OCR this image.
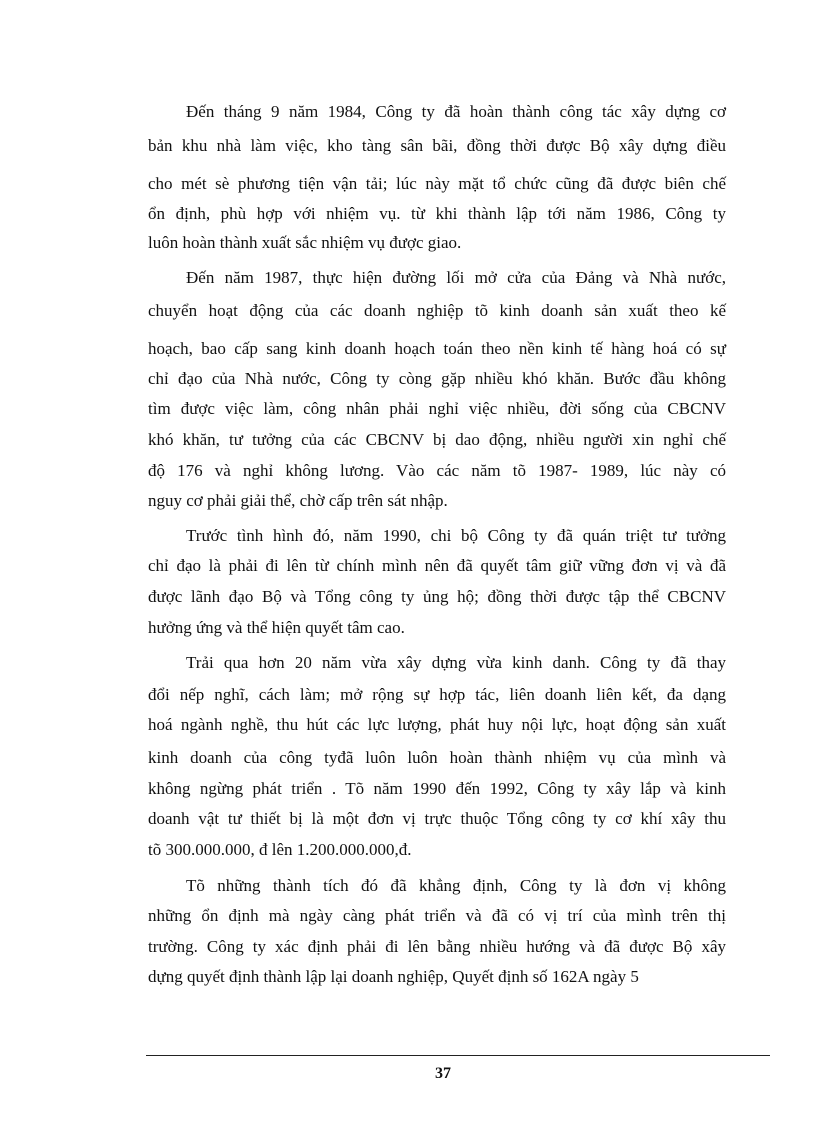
Đến tháng 9 năm 1984, Công ty đã hoàn thành công tác xây dựng cơ
bản khu nhà làm việc, kho tàng sân bãi, đồng thời được Bộ xây dựng điều
cho mét sè phương tiện vận tải; lúc này mặt tổ chức cũng đã được biên chế
ổn định, phù hợp với nhiệm vụ. từ khi thành lập tới năm 1986, Công ty
luôn hoàn thành xuất sắc nhiệm vụ được giao.
Đến năm 1987, thực hiện đường lối mở cửa của Đảng và Nhà nước,
chuyển hoạt động của các doanh nghiệp tõ kinh doanh sản xuất theo kế
hoạch, bao cấp sang kinh doanh hoạch toán theo nền kinh tế hàng hoá có sự
chỉ đạo của Nhà nước, Công ty còng gặp nhiều khó khăn. Bước đầu không
tìm được việc làm, công nhân phải nghỉ việc nhiều, đời sống của CBCNV
khó khăn, tư tưởng của các CBCNV bị dao động, nhiều người xin nghỉ chế
độ 176 và nghỉ không lương. Vào các năm tõ 1987- 1989, lúc này có
nguy cơ phải giải thể, chờ cấp trên sát nhập.
Trước tình hình đó, năm 1990, chi bộ Công ty đã quán triệt tư tưởng
chỉ đạo là phải đi lên từ chính mình nên đã quyết tâm giữ vững đơn vị và đã
được lãnh đạo Bộ và Tổng công ty ủng hộ; đồng thời được tập thể CBCNV
hưởng ứng và thể hiện quyết tâm cao.
Trải qua hơn 20 năm vừa xây dựng vừa kinh danh. Công ty đã thay
đổi nếp nghĩ, cách làm; mở rộng sự hợp tác, liên doanh liên kết, đa dạng
hoá ngành nghề, thu hút các lực lượng, phát huy nội lực, hoạt động sản xuất
kinh doanh của công tyđã luôn luôn hoàn thành nhiệm vụ của mình và
không ngừng phát triển . Tõ năm 1990 đến 1992, Công ty xây lắp và kinh
doanh vật tư thiết bị là một đơn vị trực thuộc Tổng công ty cơ khí xây thu
tõ 300.000.000, đ lên 1.200.000.000,đ.
Tõ những thành tích đó đã khẳng định, Công ty là đơn vị không
những ổn định mà ngày càng phát triển và đã có vị trí của mình trên thị
trường. Công ty xác định phải đi lên bằng nhiều hướng và đã được Bộ xây
dựng quyết định thành lập lại doanh nghiệp, Quyết định số 162A ngày 5
37
